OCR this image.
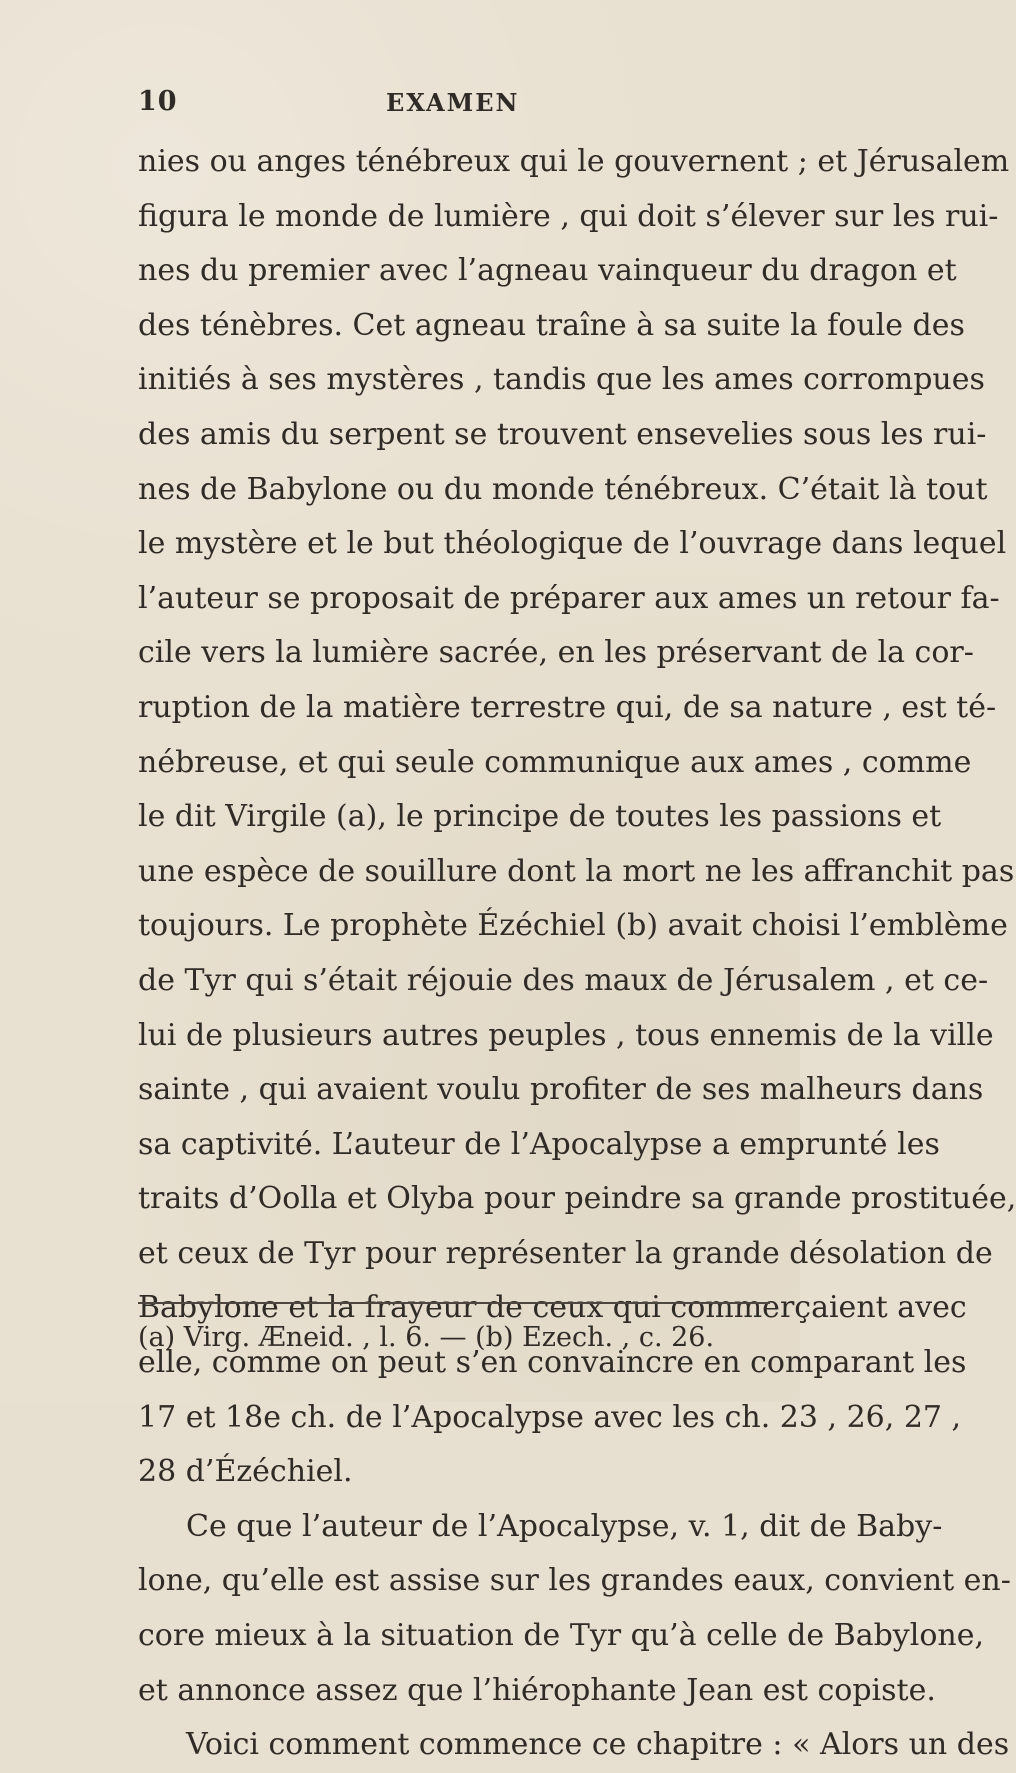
10	EXAMEN
nies ou anges ténébreux qui le gouvernent ; et Jérusalem
figura le monde de lumière , qui doit s’élever sur les rui-
nes du premier avec l’agneau vainqueur du dragon et
des ténèbres. Cet agneau traîne à sa suite la foule des
initiés à ses mystères , tandis que les ames corrompues
des amis du serpent se trouvent ensevelies sous les rui-
nes de Babylone ou du monde ténébreux. C’était là tout
le mystère et le but théologique de l’ouvrage dans lequel
l’auteur se proposait de préparer aux ames un retour fa-
cile vers la lumière sacrée, en les préservant de la cor-
ruption de la matière terrestre qui, de sa nature , est té-
nébreuse, et qui seule communique aux ames , comme
le dit Virgile (a), le principe de toutes les passions et
une espèce de souillure dont la mort ne les affranchit pas
toujours. Le prophète Ézéchiel (b) avait choisi l’emblème
de Tyr qui s’était réjouie des maux de Jérusalem , et ce-
lui de plusieurs autres peuples , tous ennemis de la ville
sainte , qui avaient voulu profiter de ses malheurs dans
sa captivité. L’auteur de l’Apocalypse a emprunté les
traits d’Oolla et Olyba pour peindre sa grande prostituée,
et ceux de Tyr pour représenter la grande désolation de
Babylone et la frayeur de ceux qui commerçaient avec
elle, comme on peut s’en convaincre en comparant les
17 et 18e ch. de l’Apocalypse avec les ch. 23 , 26, 27 ,
28 d’Ézéchiel.
Ce que l’auteur de l’Apocalypse, v. 1, dit de Baby-
lone, qu’elle est assise sur les grandes eaux, convient en-
core mieux à la situation de Tyr qu’à celle de Babylone,
et annonce assez que l’hiérophante Jean est copiste.
Voici comment commence ce chapitre : « Alors un des
(a) Virg. Æneid. , l. 6. — (b) Ezech. , c. 26.
